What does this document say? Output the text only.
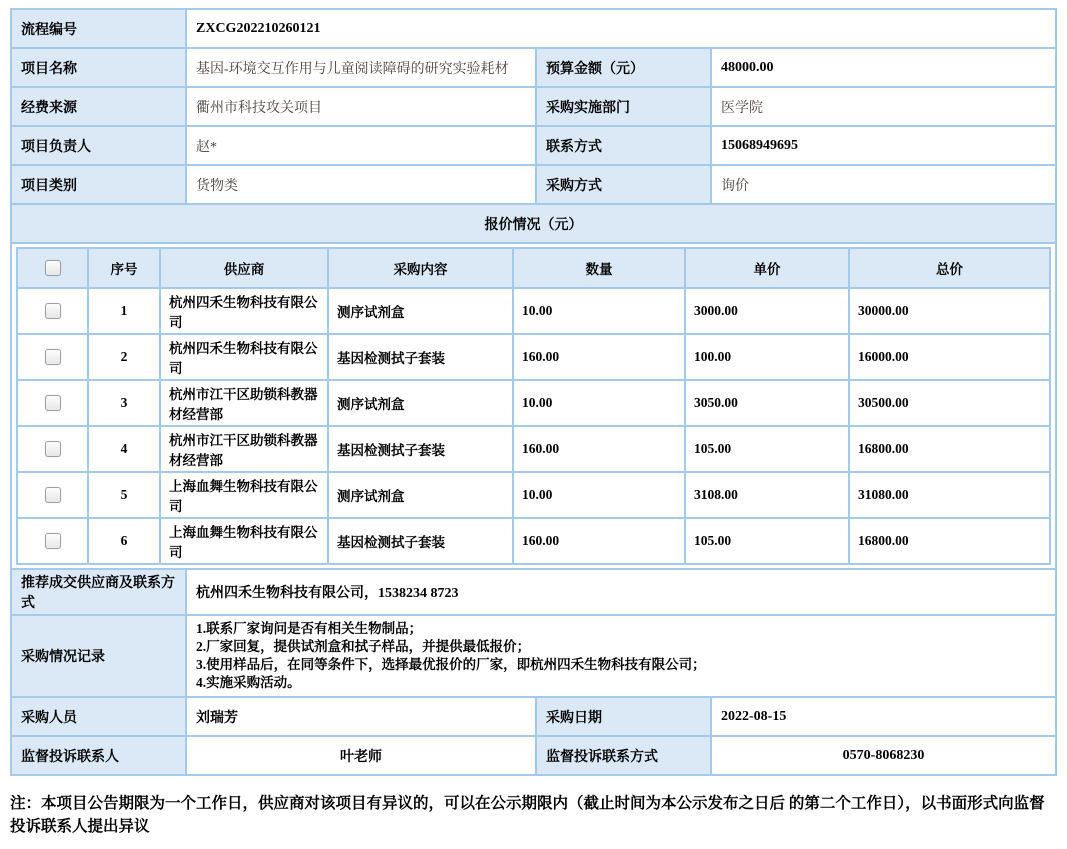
流程编号	ZXCG202210260121
项目名称	基因-环境交互作用与儿童阅读障碍的研究实验耗材	预算金额（元）	48000.00
经费来源	衢州市科技攻关项目	采购实施部门	医学院
项目负责人	赵*	联系方式	15068949695
项目类别	货物类	采购方式	询价
报价情况（元）

	序号	供应商	采购内容	数量	单价	总价

	1	杭州四禾生物科技有限公司	测序试剂盒	10.00	3000.00	30000.00

	2	杭州四禾生物科技有限公司	基因检测拭子套装	160.00	100.00	16000.00

	3	杭州市江干区助锁科教器材经营部	测序试剂盒	10.00	3050.00	30500.00

	4	杭州市江干区助锁科教器材经营部	基因检测拭子套装	160.00	105.00	16800.00

	5	上海血舞生物科技有限公司	测序试剂盒	10.00	3108.00	31080.00

	6	上海血舞生物科技有限公司	基因检测拭子套装	160.00	105.00	16800.00

推荐成交供应商及联系方式	杭州四禾生物科技有限公司，1538234 8723
采购情况记录	
1.联系厂家询问是否有相关生物制品；
2.厂家回复，提供试剂盒和拭子样品，并提供最低报价；
3.使用样品后，在同等条件下，选择最优报价的厂家，即杭州四禾生物科技有限公司；
4.实施采购活动。

采购人员	刘瑞芳	采购日期	2022-08-15
监督投诉联系人	叶老师	监督投诉联系方式	0570-8068230

注：本项目公告期限为一个工作日，供应商对该项目有异议的，可以在公示期限内（截止时间为本公示发布之日后 的第二个工作日），以书面形式向监督投诉联系人提出异议
